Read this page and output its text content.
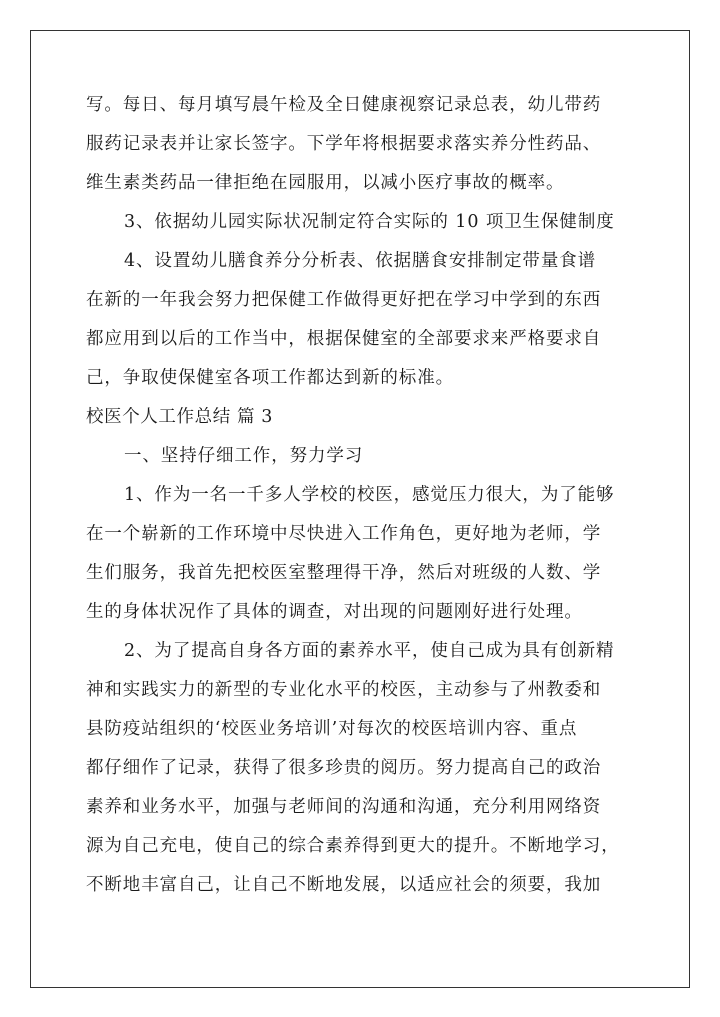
写。每日、每月填写晨午检及全日健康视察记录总表，幼儿带药
服药记录表并让家长签字。下学年将根据要求落实养分性药品、
维生素类药品一律拒绝在园服用，以减小医疗事故的概率。
3、依据幼儿园实际状况制定符合实际的 10 项卫生保健制度
4、设置幼儿膳食养分分析表、依据膳食安排制定带量食谱
在新的一年我会努力把保健工作做得更好把在学习中学到的东西
都应用到以后的工作当中，根据保健室的全部要求来严格要求自
己，争取使保健室各项工作都达到新的标准。
校医个人工作总结 篇 3
一、坚持仔细工作，努力学习
1、作为一名一千多人学校的校医，感觉压力很大，为了能够
在一个崭新的工作环境中尽快进入工作角色，更好地为老师，学
生们服务，我首先把校医室整理得干净，然后对班级的人数、学
生的身体状况作了具体的调查，对出现的问题刚好进行处理。
2、为了提高自身各方面的素养水平，使自己成为具有创新精
神和实践实力的新型的专业化水平的校医，主动参与了州教委和
县防疫站组织的‘校医业务培训’对每次的校医培训内容、重点
都仔细作了记录，获得了很多珍贵的阅历。努力提高自己的政治
素养和业务水平，加强与老师间的沟通和沟通，充分利用网络资
源为自己充电，使自己的综合素养得到更大的提升。不断地学习，
不断地丰富自己，让自己不断地发展，以适应社会的须要，我加
